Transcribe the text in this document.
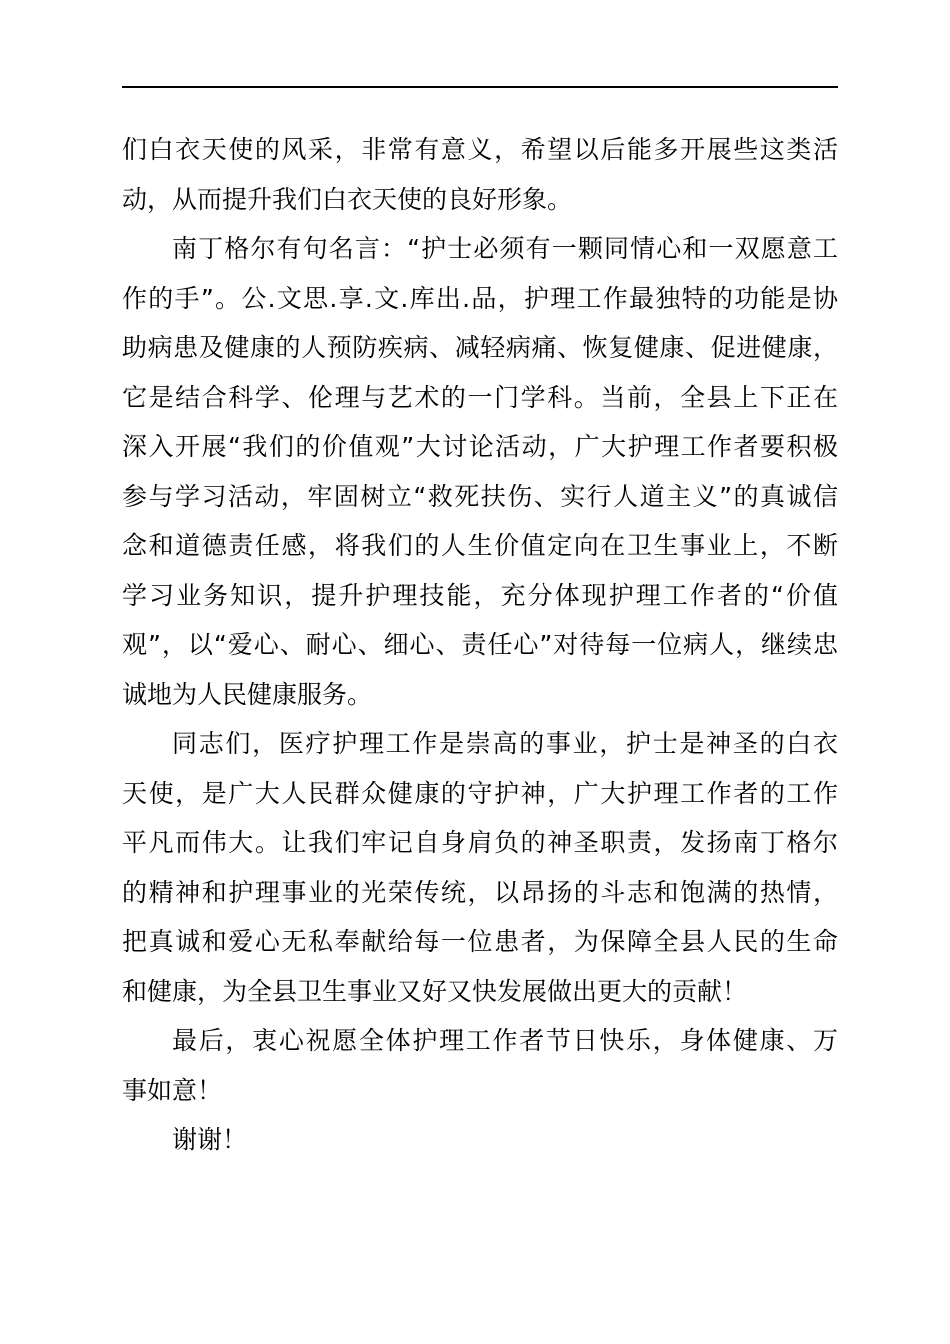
们白衣天使的风采，非常有意义，希望以后能多开展些这类活
动，从而提升我们白衣天使的良好形象。
南丁格尔有句名言：“护士必须有一颗同情心和一双愿意工
作的手”。公.文思.享.文.库出.品，护理工作最独特的功能是协
助病患及健康的人预防疾病、减轻病痛、恢复健康、促进健康，
它是结合科学、伦理与艺术的一门学科。当前，全县上下正在
深入开展“我们的价值观”大讨论活动，广大护理工作者要积极
参与学习活动，牢固树立“救死扶伤、实行人道主义”的真诚信
念和道德责任感，将我们的人生价值定向在卫生事业上，不断
学习业务知识，提升护理技能，充分体现护理工作者的“价值
观”，以“爱心、耐心、细心、责任心”对待每一位病人，继续忠
诚地为人民健康服务。
同志们，医疗护理工作是崇高的事业，护士是神圣的白衣
天使，是广大人民群众健康的守护神，广大护理工作者的工作
平凡而伟大。让我们牢记自身肩负的神圣职责，发扬南丁格尔
的精神和护理事业的光荣传统，以昂扬的斗志和饱满的热情，
把真诚和爱心无私奉献给每一位患者，为保障全县人民的生命
和健康，为全县卫生事业又好又快发展做出更大的贡献！
最后，衷心祝愿全体护理工作者节日快乐，身体健康、万
事如意！
谢谢！
